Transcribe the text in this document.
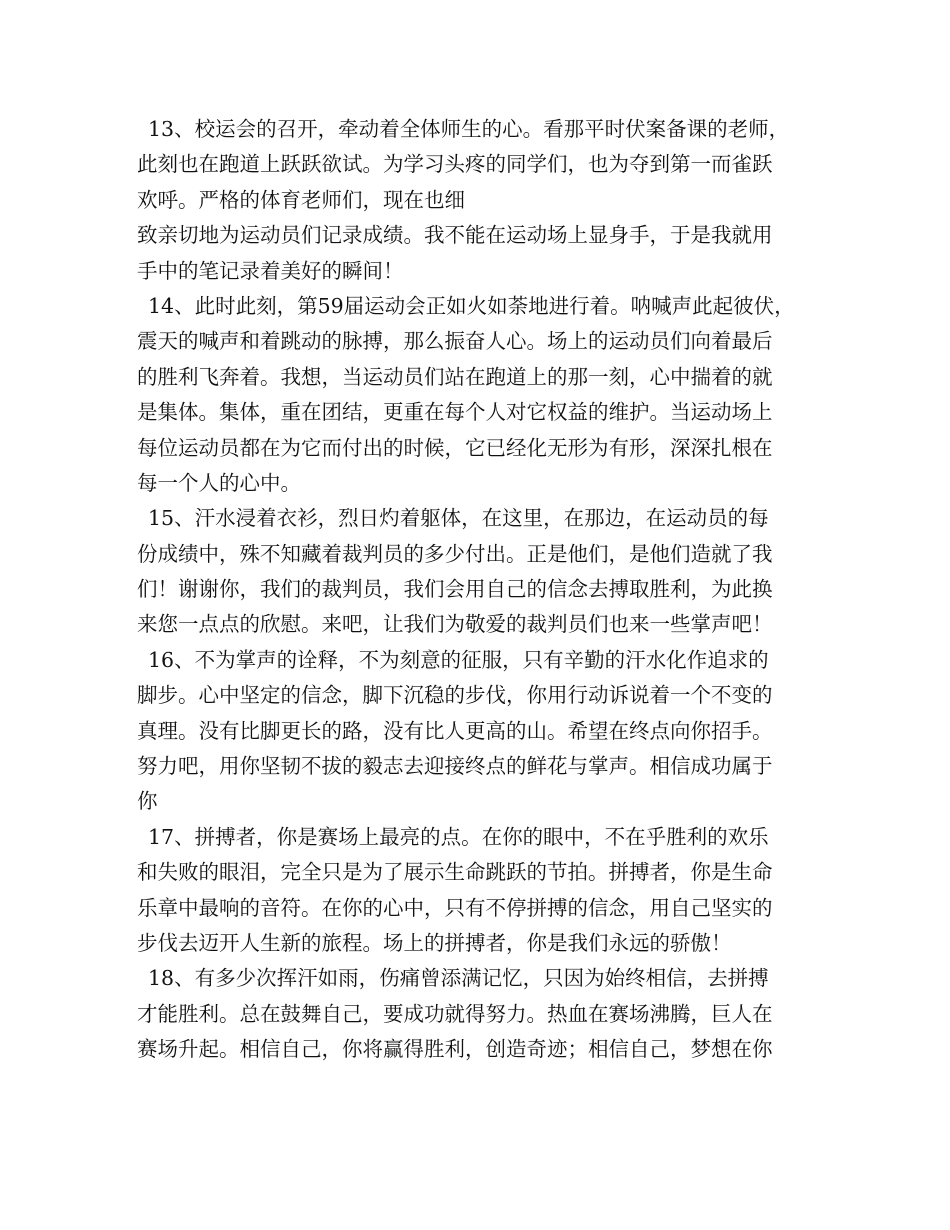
13、校运会的召开，牵动着全体师生的心。看那平时伏案备课的老师，
此刻也在跑道上跃跃欲试。为学习头疼的同学们，也为夺到第一而雀跃
欢呼。严格的体育老师们，现在也细
致亲切地为运动员们记录成绩。我不能在运动场上显身手，于是我就用
手中的笔记录着美好的瞬间！
14、此时此刻，第59届运动会正如火如荼地进行着。呐喊声此起彼伏，
震天的喊声和着跳动的脉搏，那么振奋人心。场上的运动员们向着最后
的胜利飞奔着。我想，当运动员们站在跑道上的那一刻，心中揣着的就
是集体。集体，重在团结，更重在每个人对它权益的维护。当运动场上
每位运动员都在为它而付出的时候，它已经化无形为有形，深深扎根在
每一个人的心中。
15、汗水浸着衣衫，烈日灼着躯体，在这里，在那边，在运动员的每
份成绩中，殊不知藏着裁判员的多少付出。正是他们，是他们造就了我
们！谢谢你，我们的裁判员，我们会用自己的信念去搏取胜利，为此换
来您一点点的欣慰。来吧，让我们为敬爱的裁判员们也来一些掌声吧！
16、不为掌声的诠释，不为刻意的征服，只有辛勤的汗水化作追求的
脚步。心中坚定的信念，脚下沉稳的步伐，你用行动诉说着一个不变的
真理。没有比脚更长的路，没有比人更高的山。希望在终点向你招手。
努力吧，用你坚韧不拔的毅志去迎接终点的鲜花与掌声。相信成功属于
你
17、拼搏者，你是赛场上最亮的点。在你的眼中，不在乎胜利的欢乐
和失败的眼泪，完全只是为了展示生命跳跃的节拍。拼搏者，你是生命
乐章中最响的音符。在你的心中，只有不停拼搏的信念，用自己坚实的
步伐去迈开人生新的旅程。场上的拼搏者，你是我们永远的骄傲！
18、有多少次挥汗如雨，伤痛曾添满记忆，只因为始终相信，去拼搏
才能胜利。总在鼓舞自己，要成功就得努力。热血在赛场沸腾，巨人在
赛场升起。相信自己，你将赢得胜利，创造奇迹；相信自己，梦想在你
